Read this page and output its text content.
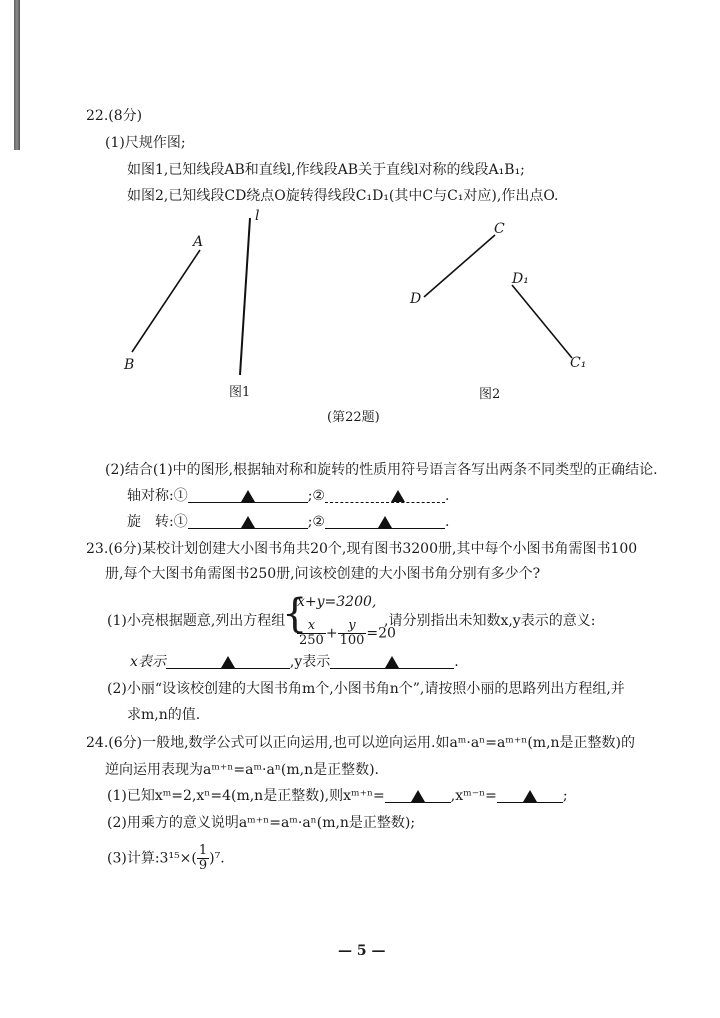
22.(8分)
(1)尺规作图;
如图1,已知线段AB和直线l,作线段AB关于直线l对称的线段A₁B₁;
如图2,已知线段CD绕点O旋转得线段C₁D₁(其中C与C₁对应),作出点O.
A
B
l
C
D
D₁
C₁
图1	图2
(第22题)
(2)结合(1)中的图形,根据轴对称和旋转的性质用符号语言各写出两条不同类型的正确结论.
轴对称:①	;②	.
旋　转:①	;②	.
23.(6分)某校计划创建大小图书角共20个,现有图书3200册,其中每个小图书角需图书100
册,每个大图书角需图书250册,问该校创建的大小图书角分别有多少个?
(1)小亮根据题意,列出方程组
{
x+y=3200,
$\frac{x}{250} + \frac{y}{100} =20$
,请分别指出未知数x,y表示的意义:
x表示	,y表示	.
(2)小丽“设该校创建的大图书角m个,小图书角n个”,请按照小丽的思路列出方程组,并
求m,n的值.
24.(6分)一般地,数学公式可以正向运用,也可以逆向运用.如aᵐ·aⁿ=aᵐ⁺ⁿ(m,n是正整数)的
逆向运用表现为aᵐ⁺ⁿ=aᵐ·aⁿ(m,n是正整数).
(1)已知xᵐ=2,xⁿ=4(m,n是正整数),则xᵐ⁺ⁿ=	,xᵐ⁻ⁿ=	;
(2)用乘方的意义说明aᵐ⁺ⁿ=aᵐ·aⁿ(m,n是正整数);
(3)计算:3¹⁵×( $\frac{1}{9} )^7$.
— 5 —
